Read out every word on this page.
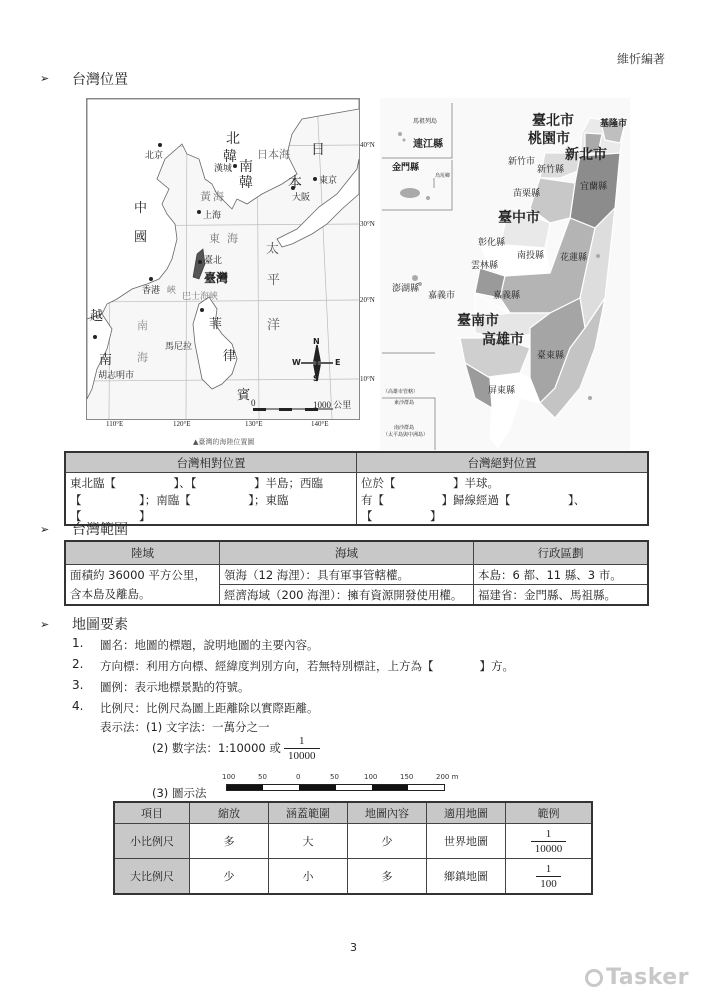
維忻編著
➢ 台灣位置
北京
北
韓
漢城 南
韓
日本海 日
本 東京
大阪
中
國
黃 海
上海
東 海
太
平
洋
臺北
臺灣
香港 峽
巴士海峽
越
南
南
海
菲
律
賓
馬尼拉
胡志明市
N
S
E
W
0	1000 公里
40°N
30°N
20°N
10°N
110°E	120°E	130°E	140°E
▲臺灣的海陸位置圖
馬祖列島
連江縣
金門縣
烏坵鄉
臺北市	基隆市
桃園市
新北市
新竹市
新竹縣
宜蘭縣
苗栗縣
臺中市
彰化縣
南投縣 花蓮縣
雲林縣
澎湖縣
嘉義市	嘉義縣
臺南市
高雄市
臺東縣
屏東縣
（高雄市管轄）
東沙群島
南沙群島
（太平島與中洲島）
台灣相對位置	台灣絕對位置
東北臨【　　　　　】、【　　　　　】半島；西臨	位於【　　　　　】半球。
【　　　　　】；南臨【　　　　　】；東臨【　　　　　】	有【　　　　　】歸線經過【　　　　　】、【　　　　　】
➢ 台灣範圍
陸域	海域	行政區劃
面積約 36000 平方公里，	領海（12 海浬）：具有軍事管轄權。	本島：6 都、11 縣、3 市。
含本島及離島。	經濟海域（200 海浬）：擁有資源開發使用權。	福建省：金門縣、馬祖縣。
➢ 地圖要素
1. 圖名：地圖的標題，說明地圖的主要內容。
2. 方向標：利用方向標、經緯度判別方向，若無特別標註，上方為【　　　　】方。
3. 圖例：表示地標景點的符號。
4. 比例尺：比例尺為圖上距離除以實際距離。
表示法：(1) 文字法：一萬分之一
(2) 數字法：1:10000 或 $\frac{1}{10000}$
(3) 圖示法
100	50	0	50	100	150	200 m
項目	縮放	涵蓋範圍	地圖內容	適用地圖	範例
小比例尺	多	大	少	世界地圖	$\frac{1}{10000}$

大比例尺	少	小	多	鄉鎮地圖	$\frac{1}{100}$
3
Tasker
